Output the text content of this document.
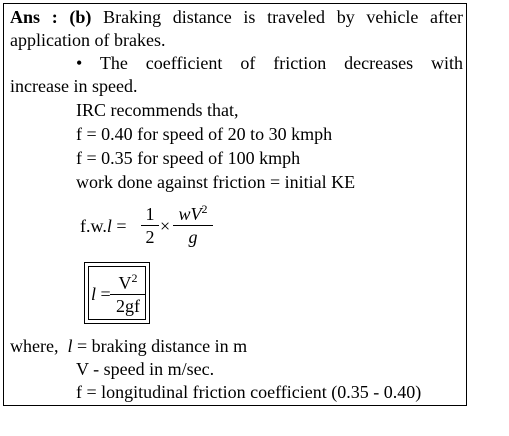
Ans : (b) Braking distance is traveled by vehicle after
application of brakes.
• The coefficient of friction decreases with
increase in speed.
IRC recommends that,
f = 0.40 for speed of 20 to 30 kmph
f = 0.35 for speed of 100 kmph
work done against friction = initial KE
f.w.l =
1
2
×
$wV^2$
g
l =
$V^2$
2gf
where, l = braking distance in m
V - speed in m/sec.
f = longitudinal friction coefficient (0.35 - 0.40)
